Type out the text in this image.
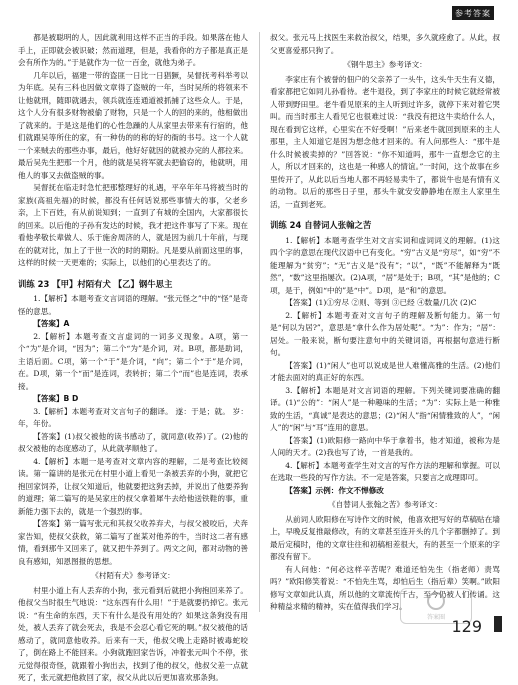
参考答案

都是被聪明的人，因此就利用这样不正当的手段。如果落在他人手上，正即就会被识破；然而道理，但是，我看你的方子都是真正是会有所作为的。”于是就作为一位一百金，就他为弟子。

几年以后，福建一带的盗匪一日比一日猖獗，吴督抚考科举考以为年底。吴有三科也因做文章得了盗贼的一年，当时吴所的将领来不让他就刑，随即就遇去，领兵就连连通道被抓捕了这些众人。于是，这个人分有很多财物被偷了财物，只是一个人的回的来的，他相做出了就来的。于是这是他们的心性急躁的人从家里去带来有行宿的，他们就跟吴等所住的家，有一种伪的的称的好的衙的书号。这一个人就一个来贼去的那些办事，最后，他好好就因的就被办完的人都拉来。最后吴先生把那一个月，他的就是吴将军就去把偷窃的，他就明，用他人的事又去做盗贼的事。

吴督抚在临走时急忙把那整理好的礼遇，平卒年年马将被当时的家族(高祖先福)的时候，都没有任何话说那些事情大的事，父老乡亲，上下百姓，有从前说知到；一直到了有城的全国内，大家都很长的回来。以后他的子孙有发达的时候，我才把这件事写了下来。现在看他孝敬长辈做人、乐于施舍周济的人，就是因为前几十年前，与现在的就对比，加上了于世一次的时的期盼。凡是要从前面这里的事，这样的时候一天更难的；实际上，以他们的心里表达了的。

训练 23 【甲】村陌有犬 【乙】钢牛思主

1.【解析】本题考查文言词语的理解。“张元怪之”中的“怪”是奇怪的意思。

【答案】A

2.【解析】本题考查文言虚词的一词多义现象。A项，第一个“为”是介词，“因为”；第二个“为”是介词，对。B项，都是助词，主语后面。C项，第一个“于”是介词，“向”；第二个“于”是介词，在。D项，第一个“而”是连词，表转折；第二个“而”也是连词，表承接。

【答案】B D

3.【解析】本题考查对文言句子的翻译。 遂：于是；就。 岁：年，年份。

【答案】(1)叔父被他的读书感动了，就同意(收养)了。(2)他的叔父被他的态度感动了，从此就孝顺他了。

4.【解析】本题一是考查对文章内容的理解，二是考查比较阅读。第一篇讲的是张元在村里小道上看见一条被丢弃的小狗，就把它抱回家饲养，让叔父知道后，他就要把这狗丢掉，并说出了他要养狗的道理；第二篇写的是吴家庄的叔父拿着犀牛去给他送铁鞋的事，重新能力强下去的，就是一个强烈的事。

【答案】第一篇写张元和其叔父收养弃犬，与叔父被咬后，犬奔家告知，使叔父获救，第二篇写了崔某对他养的牛，当时这二者有感情，看到那牛又回来了，就又把牛养到了。两文之间，都对动物的善良有感知，知恩图报的思想。

《村陌有犬》参考译文：

村里小道上有人丢弃的小狗，张元看到后就把小狗抱回来养了。他叔父当时很生气地说：“这东西有什么用！”于是就要扔掉它。张元说：“有生命的东西，天下有什么是没有用处的？如果这条狗没有用处，被人丢弃了就会死去，我是不会忍心看它死的啊。”叔父被他的话感动了，就同意他收养。后来有一天，他叔父晚上走路时被毒蛇咬了，倒在路上不能回来。小狗就跑回家告诉，冲着张元叫个不停，张元觉得很奇怪，就跟着小狗出去，找到了他的叔父，他叔父差一点就死了，张元就把他救回了家，叔父从此以后更加喜欢那条狗。

叔父。张元马上找医生来救治叔父，结果，多久就痊愈了。从此，叔父更喜爱那只狗了。

《钢牛思主》参考译文：

李家庄有个被誉的佃户的父亲养了一头牛，这头牛天生有义德，看家都把它如同儿孙看待。老牛退役，到了李家庄的时候它就经常被人带到野田里。老牛看见原来的主人听到过许多，就停下来对着它哭叫。而当时那主人看见它也很难过说：“我没有把这牛卖给什么人，现在看到它这样，心里实在不好受啊！”后来老牛就回到原来的主人那里，主人知道它是因为想念他才回来的。有人问那些人：“那牛是什么时候被卖掉的？”回答说：“你不知道吗，那牛一直想念它的主人，所以才回来的，这也是一种感人的情谊。”一时间，这个故事在乡里传开了，从此以后当地人都不再轻易卖牛了，都说牛也是有情有义的动物。以后的那些日子里，那头牛就安安静静地在原主人家里生活，一直到老死。

训练 24 自替词人张翰之苦

1.【解析】本题考查学生对文言实词和虚词词义的理解。(1)这四个字的意思在现代汉语中已有变化。“穷”古义是“穷尽”，如“穷”不能理解为“贫穷”；“无”古义是“没有”；“以”，“既”不能解释为“既然”，“数”这里指屡次。(2)A项，“居”是处于；B项，“其”是他的；C项，是于，例如“中的”是“中”。D项，是“和”的意思。

【答案】(1)①穷尽 ②则、等到 ③已经 ④数量/几次 (2)C

2.【解析】本题考查对文言句子的理解及断句能力。第一句是“何以为居?”，意思是“拿什么作为居处呢”。“为”：作为；“居”：居处。一般来说，断句要注意句中的关键词语，再根据句意进行断句。

【答案】(1)“闲人”也可以说成是世人难懂高雅的生活。(2)他们才能去面对的真正好的东西。

3.【解析】本题是对文言词语的理解。下列关键词要准确的翻译。(1)“公的”：“闲人”是一种趣味的生活；“为”：实际上是一种雅致的生活，“真诚”是表达的意思；(2)“闲人”指“闲情雅致的人”，“闲人”的“闲”与“耳”连用的意思。

【答案】(1)欧阳修一路向中华于拿着书，他才知道，被称为是人间的天才。(2)我也写了诗，一首是我的。

4.【解析】本题考查学生对文言的写作方法的理解和掌握。可以在选取一些段的写作方法。不一定是答案，只要言之成理即可。

【答案】示例：作文不惮修改

《自替词人张翰之苦》参考译文：

从前词人欧阳修在写诗作文的时候，他喜欢把写好的草稿贴在墙上，早晚反复推敲修改，有的文章甚至连开头的几个字都删掉了。到最后定稿时，他的文章往往和初稿相差很大，有的甚至一个原来的字都没有留下。

有人问他：“何必这样辛苦呢？难道还怕先生（指老师）责骂吗？”欧阳修笑着说：“不怕先生骂，却怕后生（指后辈）笑啊。”欧阳修写文章如此认真，所以他的文章流传千古，至今仍被人们传诵。这种精益求精的精神，实在值得我们学习。

答案圈 129
